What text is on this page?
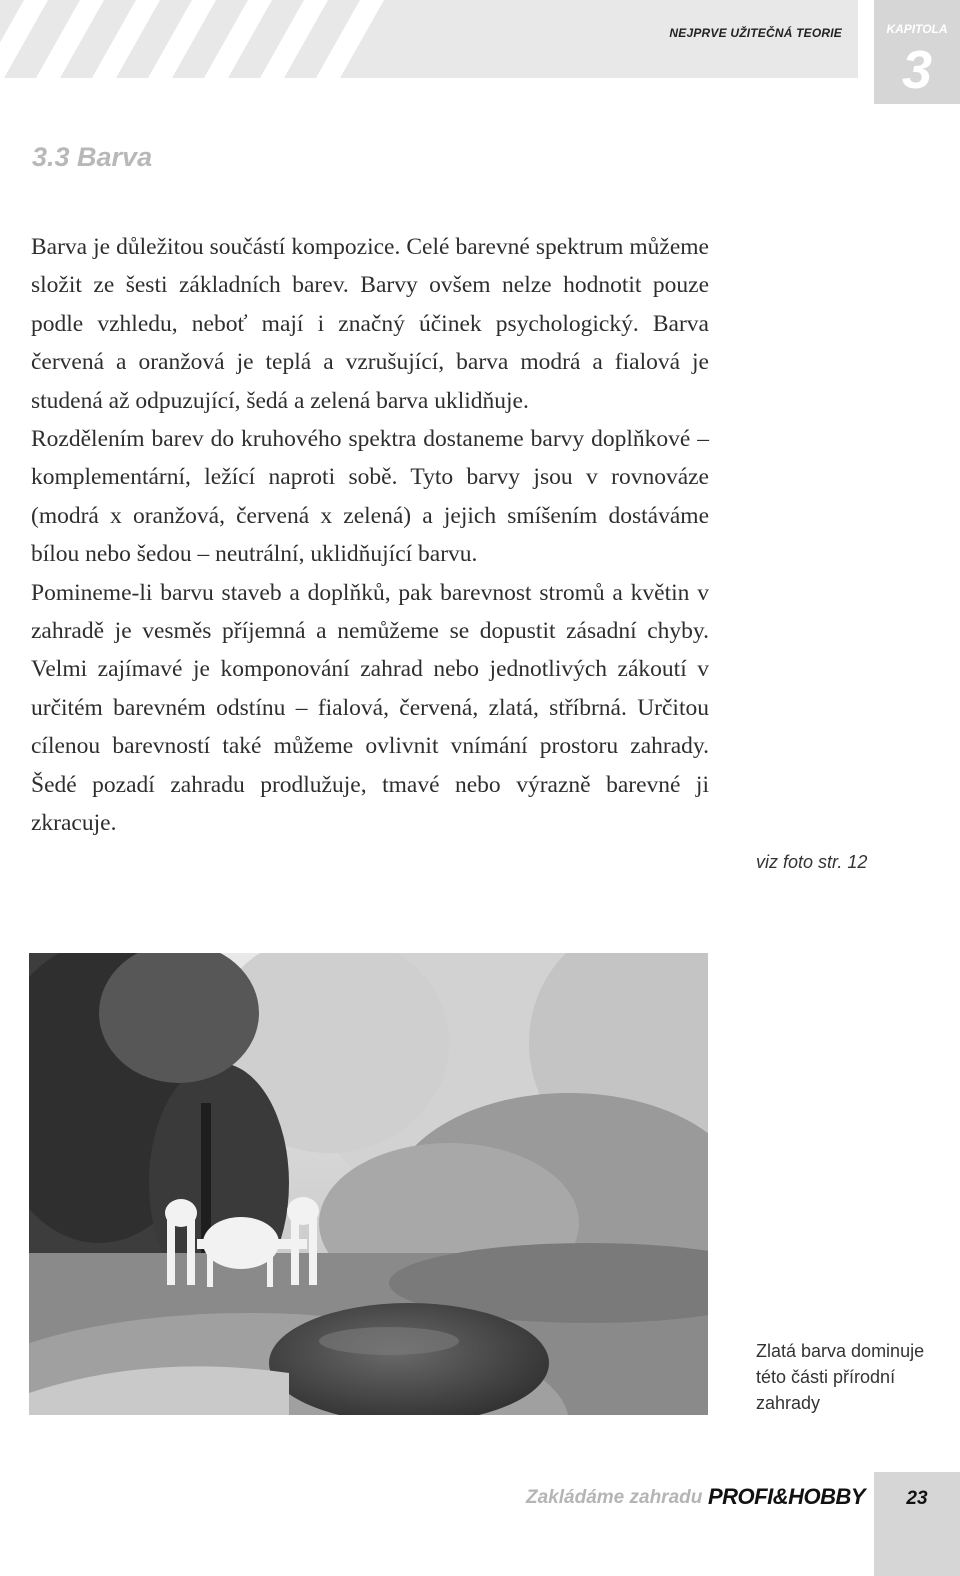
NEJPRVE UŽITEČNÁ TEORIE	KAPITOLA
3
3.3 Barva

Barva je důležitou součástí kompozice. Celé barevné spektrum můžeme složit ze šesti základních barev. Barvy ovšem nelze hodnotit pouze podle vzhledu, neboť mají i značný účinek psychologický. Barva červená a oranžová je teplá a vzrušující, barva modrá a fialová je studená až odpuzující, šedá a zelená barva uklidňuje.

Rozdělením barev do kruhového spektra dostaneme barvy doplňkové – komplementární, ležící naproti sobě. Tyto barvy jsou v rovnováze (modrá x oranžová, červená x zelená) a jejich smíšením dostáváme bílou nebo šedou – neutrální, uklidňující barvu.

Pomineme-li barvu staveb a doplňků, pak barevnost stromů a květin v zahradě je vesměs příjemná a nemůžeme se dopustit zásadní chyby. Velmi zajímavé je komponování zahrad nebo jednotlivých zákoutí v určitém barevném odstínu – fialová, červená, zlatá, stříbrná. Určitou cílenou barevností také můžeme ovlivnit vnímání prostoru zahrady. Šedé pozadí zahradu prodlužuje, tmavé nebo výrazně barevné ji zkracuje.

viz foto str. 12
Zlatá barva dominuje této části přírodní zahrady
Zakládáme zahradu PROFI&HOBBY	23
